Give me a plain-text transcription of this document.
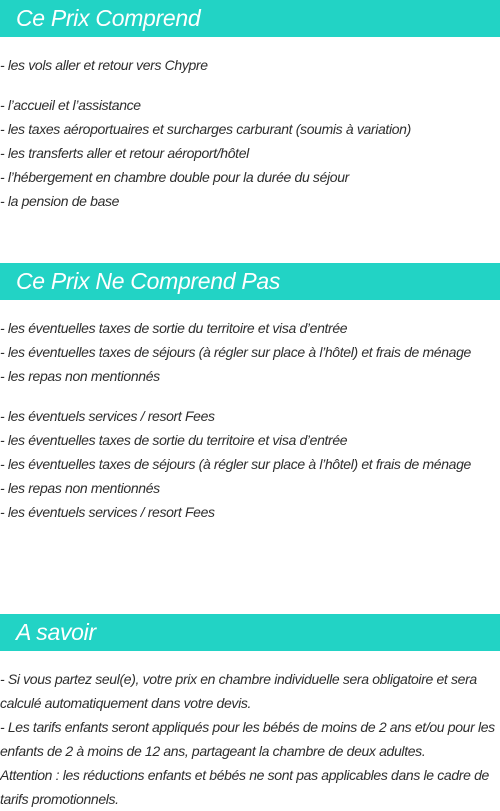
Ce Prix Comprend
- les vols aller et retour vers Chypre
- l’accueil et l’assistance
- les taxes aéroportuaires et surcharges carburant (soumis à variation)
- les transferts aller et retour aéroport/hôtel
- l’hébergement en chambre double pour la durée du séjour
- la pension de base
Ce Prix Ne Comprend Pas
- les éventuelles taxes de sortie du territoire et visa d’entrée
- les éventuelles taxes de séjours (à régler sur place à l’hôtel) et frais de ménage
- les repas non mentionnés
- les éventuels services / resort Fees
- les éventuelles taxes de sortie du territoire et visa d’entrée
- les éventuelles taxes de séjours (à régler sur place à l’hôtel) et frais de ménage
- les repas non mentionnés
- les éventuels services / resort Fees
A savoir
- Si vous partez seul(e), votre prix en chambre individuelle sera obligatoire et sera calculé automatiquement dans votre devis.
- Les tarifs enfants seront appliqués pour les bébés de moins de 2 ans et/ou pour les enfants de 2 à moins de 12 ans, partageant la chambre de deux adultes.
Attention : les réductions enfants et bébés ne sont pas applicables dans le cadre de tarifs promotionnels.
